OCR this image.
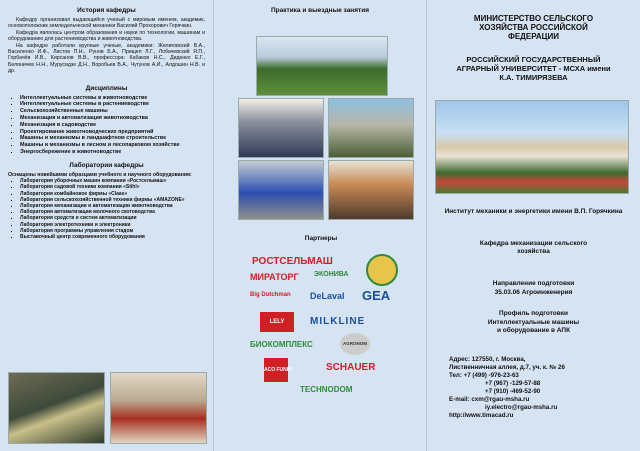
История кафедры

Кафедру организовал выдающийся ученый с мировым именем, академик, основоположник земледельческой механики Василий Прохорович Горячкин.

Кафедра являлась центром образования и науки по технологии, машинам и оборудованию для растениеводства и животноводства.

На кафедре работали крупные ученые, академики: Желиговский В.А., Василенко И.Ф., Листов П.Н., Рунов Б.А., Прищеп Л.Г., Лобачевский Я.П., Горбачёв И.В., Кирсанов В.В., профессора: Кабаков Н.С., Диденко Е.Г., Беляничев Н.Н., Мурусидзе Д.Н., Воробьев В.А., Чугунов А.И., Алдошин Н.В. и др.

Дисциплины
▪ Интеллектуальные системы в животноводстве
▪ Интеллектуальные системы в растениеводстве
▪ Сельскохозяйственные машины
▪ Механизация и автоматизация животноводства
▪ Механизация в садоводстве
▪ Проектирование животноводческих предприятий
▪ Машины и механизмы в ландшафтном строительстве
▪ Машины и механизмы в лесном и лесопарковом хозяйстве
▪ Энергосбережение в животноводстве
Лаборатории кафедры
Оснащены новейшими образцами учебного и научного оборудования:
▪ Лаборатория уборочных машин компании «Ростсельмаш»
▪ Лаборатория садовой техники компании «Stihl»
▪ Лаборатория комбайновое фирмы «Claas»
▪ Лаборатория сельскохозяйственной техники фирмы «AMAZONE»
▪ Лаборатория механизации и автоматизации животноводства
▪ Лаборатория автоматизации молочного скотоводства
▪ Лаборатория средств и систем автоматизации
▪ Лаборатория электротехники и электроники
▪ Лаборатория программы управления стадом
▪ Выставочный центр современного оборудования
Практика и выездные занятия
Партнеры
РОСТСЕЛЬМАШ
МИРАТОРГ ЭКОНИВА
Big Dutchman DeLaval GEA
LELY	MILKLINE
БИОКОМПЛЕКС	AGRONOM
ACO FUNKI	SCHAUER
TECHNODOM
МИНИСТЕРСТВО СЕЛЬСКОГО ХОЗЯЙСТВА РОССИЙСКОЙ ФЕДЕРАЦИИ
РОССИЙСКИЙ ГОСУДАРСТВЕННЫЙ АГРАРНЫЙ УНИВЕРСИТЕТ - МСХА имени К.А. ТИМИРЯЗЕВА
Институт механики и энергетики имени В.П. Горячкина
Кафедра механизации сельского хозяйства
Направление подготовки
35.03.06 Агроинженерия
Профиль подготовки
Интеллектуальные машины и оборудование в АПК
Адрес: 127550, г. Москва,
Лиственничная аллея, д.7, уч. к. № 26
Тел: +7 (499) -976-23-63
+7 (967) -129-57-88
+7 (910) -469-52-90
E-mail: cxm@rgau-msha.ru
iy.electro@rgau-msha.ru
http://www.timacad.ru
